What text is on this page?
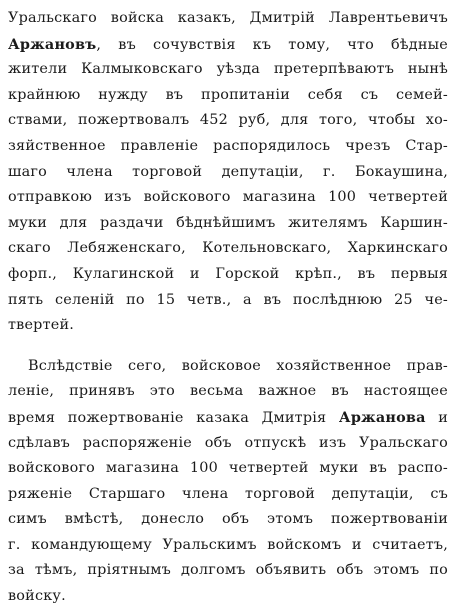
Уральскаго войска казакъ, Дмитрій Лаврентьевичъ
Аржановъ, въ сочувствія къ тому, что бѣдные
жители Калмыковскаго уѣзда претерпѣваютъ нынѣ
крайнюю нужду въ пропитаніи себя съ семей-
ствами, пожертвовалъ 452 руб, для того, чтобы хо-
зяйственное правленіе распорядилось чрезъ Стар-
шаго члена торговой депутаціи, г. Бокаушина,
отправкою изъ войскового магазина 100 четвертей
муки для раздачи бѣднѣйшимъ жителямъ Каршин-
скаго Лебяженскаго, Котельновскаго, Харкинскаго
форп., Кулагинской и Горской крѣп., въ первыя
пять селеній по 15 четв., а въ послѣднюю 25 че-
твертей.

Вслѣдствіе сего, войсковое хозяйственное прав-
леніе, принявъ это весьма важное въ настоящее
время пожертвованіе казака Дмитрія Аржанова и
сдѣлавъ распоряженіе объ отпускѣ изъ Уральскаго
войскового магазина 100 четвертей муки въ распо-
ряженіе Старшаго члена торговой депутаціи, съ
симъ вмѣстѣ, донесло объ этомъ пожертвованіи
г. командующему Уральскимъ войскомъ и считаетъ,
за тѣмъ, пріятнымъ долгомъ объявить объ этомъ по
войску.
